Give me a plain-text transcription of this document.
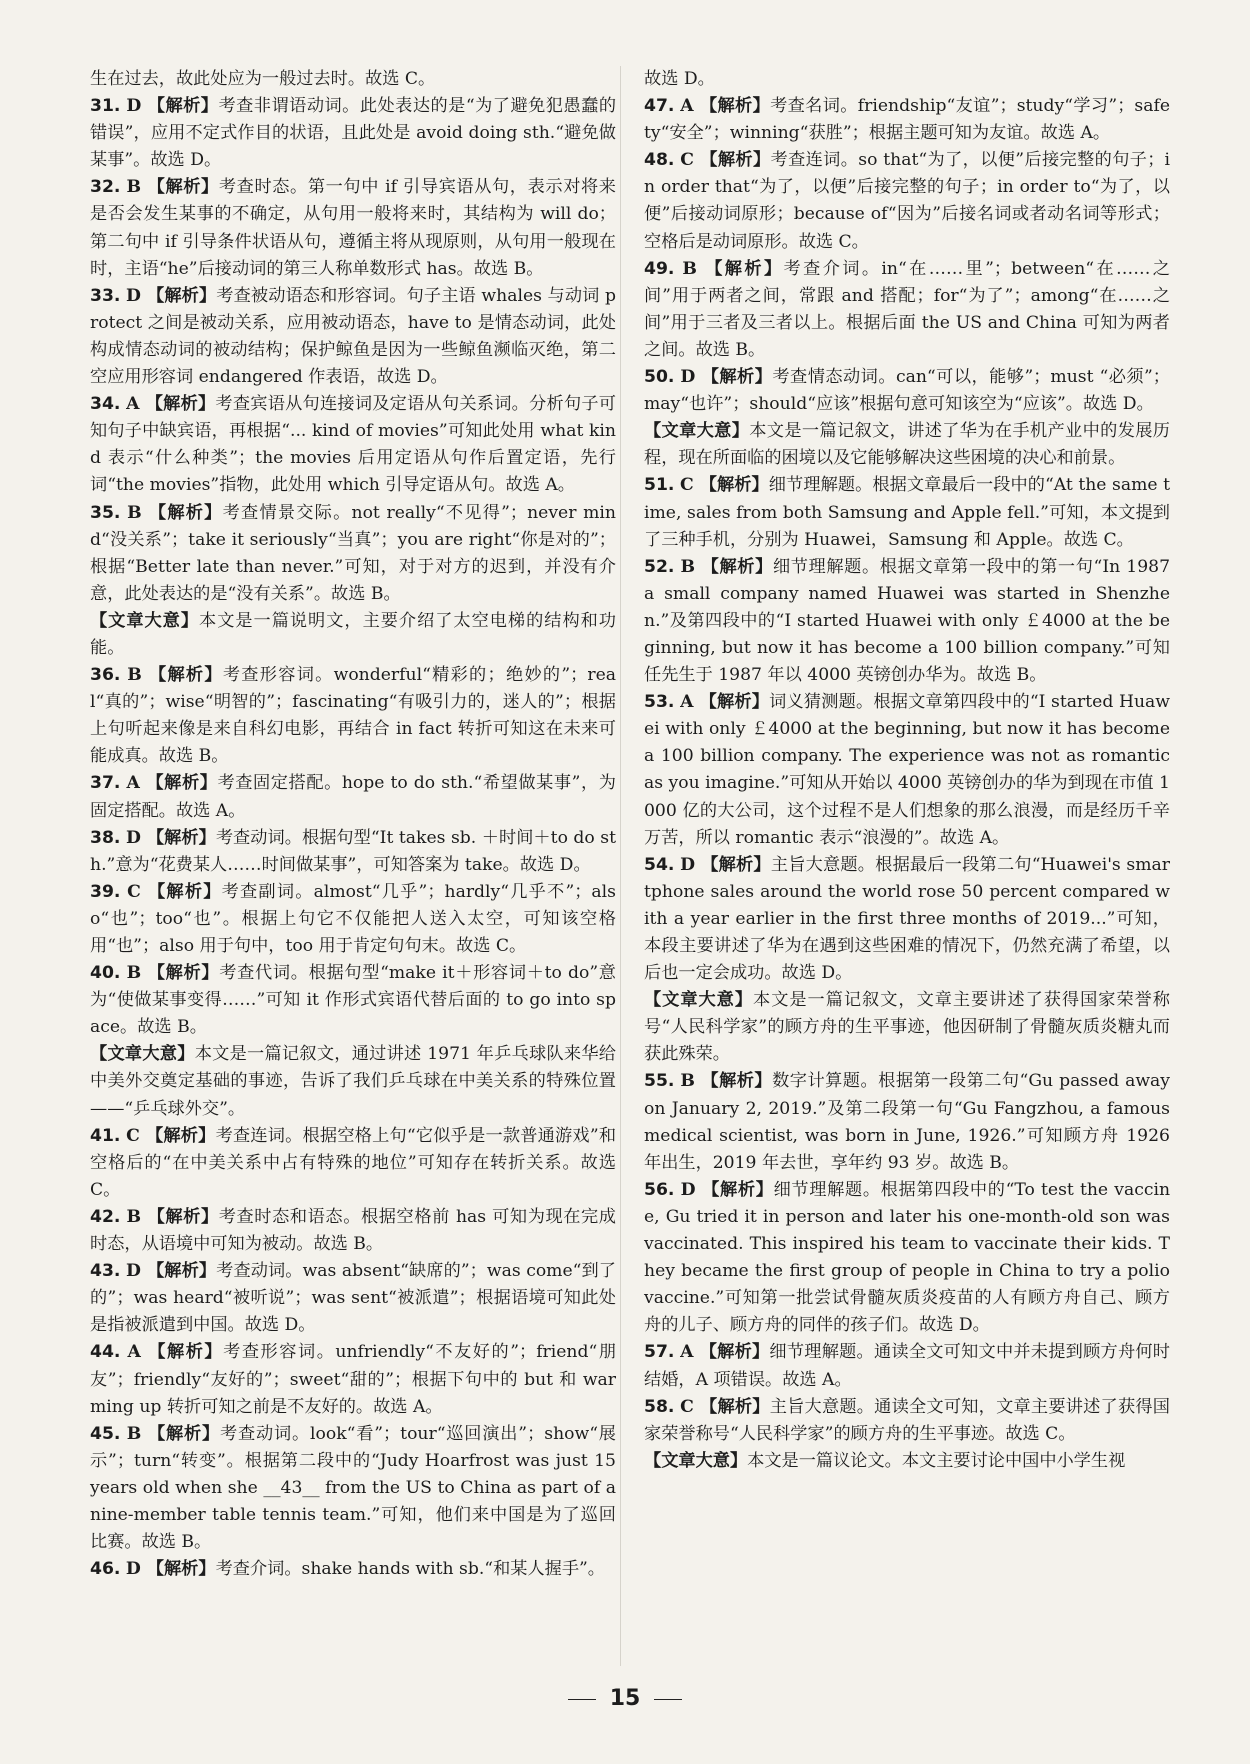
生在过去，故此处应为一般过去时。故选 C。

31. D 【解析】考查非谓语动词。此处表达的是“为了避免犯愚蠢的错误”，应用不定式作目的状语，且此处是 avoid doing sth.“避免做某事”。故选 D。

32. B 【解析】考查时态。第一句中 if 引导宾语从句，表示对将来是否会发生某事的不确定，从句用一般将来时，其结构为 will do；第二句中 if 引导条件状语从句，遵循主将从现原则，从句用一般现在时，主语“he”后接动词的第三人称单数形式 has。故选 B。

33. D 【解析】考查被动语态和形容词。句子主语 whales 与动词 protect 之间是被动关系，应用被动语态，have to 是情态动词，此处构成情态动词的被动结构；保护鲸鱼是因为一些鲸鱼濒临灭绝，第二空应用形容词 endangered 作表语，故选 D。

34. A 【解析】考查宾语从句连接词及定语从句关系词。分析句子可知句子中缺宾语，再根据“... kind of movies”可知此处用 what kind 表示“什么种类”；the movies 后用定语从句作后置定语，先行词“the movies”指物，此处用 which 引导定语从句。故选 A。

35. B 【解析】考查情景交际。not really“不见得”；never mind“没关系”；take it seriously“当真”；you are right“你是对的”；根据“Better late than never.”可知，对于对方的迟到，并没有介意，此处表达的是“没有关系”。故选 B。

【文章大意】本文是一篇说明文，主要介绍了太空电梯的结构和功能。

36. B 【解析】考查形容词。wonderful“精彩的；绝妙的”；real“真的”；wise“明智的”；fascinating“有吸引力的，迷人的”；根据上句听起来像是来自科幻电影，再结合 in fact 转折可知这在未来可能成真。故选 B。

37. A 【解析】考查固定搭配。hope to do sth.“希望做某事”，为固定搭配。故选 A。

38. D 【解析】考查动词。根据句型“It takes sb. ＋时间＋to do sth.”意为“花费某人……时间做某事”，可知答案为 take。故选 D。

39. C 【解析】考查副词。almost“几乎”；hardly“几乎不”；also“也”；too“也”。根据上句它不仅能把人送入太空，可知该空格用“也”；also 用于句中，too 用于肯定句句末。故选 C。

40. B 【解析】考查代词。根据句型“make it＋形容词＋to do”意为“使做某事变得……”可知 it 作形式宾语代替后面的 to go into space。故选 B。

【文章大意】本文是一篇记叙文，通过讲述 1971 年乒乓球队来华给中美外交奠定基础的事迹，告诉了我们乒乓球在中美关系的特殊位置——“乒乓球外交”。

41. C 【解析】考查连词。根据空格上句“它似乎是一款普通游戏”和空格后的“在中美关系中占有特殊的地位”可知存在转折关系。故选 C。

42. B 【解析】考查时态和语态。根据空格前 has 可知为现在完成时态，从语境中可知为被动。故选 B。

43. D 【解析】考查动词。was absent“缺席的”；was come“到了的”；was heard“被听说”；was sent“被派遣”；根据语境可知此处是指被派遣到中国。故选 D。

44. A 【解析】考查形容词。unfriendly“不友好的”；friend“朋友”；friendly“友好的”；sweet“甜的”；根据下句中的 but 和 warming up 转折可知之前是不友好的。故选 A。

45. B 【解析】考查动词。look“看”；tour“巡回演出”；show“展示”；turn“转变”。根据第二段中的“Judy Hoarfrost was just 15 years old when she __43__ from the US to China as part of a nine-member table tennis team.”可知，他们来中国是为了巡回比赛。故选 B。

46. D 【解析】考查介词。shake hands with sb.“和某人握手”。

故选 D。

47. A 【解析】考查名词。friendship“友谊”；study“学习”；safety“安全”；winning“获胜”；根据主题可知为友谊。故选 A。

48. C 【解析】考查连词。so that“为了，以便”后接完整的句子；in order that“为了，以便”后接完整的句子；in order to“为了，以便”后接动词原形；because of“因为”后接名词或者动名词等形式；空格后是动词原形。故选 C。

49. B 【解析】考查介词。in“在……里”；between“在……之间”用于两者之间，常跟 and 搭配；for“为了”；among“在……之间”用于三者及三者以上。根据后面 the US and China 可知为两者之间。故选 B。

50. D 【解析】考查情态动词。can“可以，能够”；must “必须”；may“也许”；should“应该”根据句意可知该空为“应该”。故选 D。

【文章大意】本文是一篇记叙文，讲述了华为在手机产业中的发展历程，现在所面临的困境以及它能够解决这些困境的决心和前景。

51. C 【解析】细节理解题。根据文章最后一段中的“At the same time, sales from both Samsung and Apple fell.”可知，本文提到了三种手机，分别为 Huawei，Samsung 和 Apple。故选 C。

52. B 【解析】细节理解题。根据文章第一段中的第一句“In 1987 a small company named Huawei was started in Shenzhen.”及第四段中的“I started Huawei with only ￡4000 at the beginning, but now it has become a 100 billion company.”可知任先生于 1987 年以 4000 英镑创办华为。故选 B。

53. A 【解析】词义猜测题。根据文章第四段中的“I started Huawei with only ￡4000 at the beginning, but now it has become a 100 billion company. The experience was not as romantic as you imagine.”可知从开始以 4000 英镑创办的华为到现在市值 1000 亿的大公司，这个过程不是人们想象的那么浪漫，而是经历千辛万苦，所以 romantic 表示“浪漫的”。故选 A。

54. D 【解析】主旨大意题。根据最后一段第二句“Huawei's smartphone sales around the world rose 50 percent compared with a year earlier in the first three months of 2019...”可知，本段主要讲述了华为在遇到这些困难的情况下，仍然充满了希望，以后也一定会成功。故选 D。

【文章大意】本文是一篇记叙文，文章主要讲述了获得国家荣誉称号“人民科学家”的顾方舟的生平事迹，他因研制了骨髓灰质炎糖丸而获此殊荣。

55. B 【解析】数字计算题。根据第一段第二句“Gu passed away on January 2, 2019.”及第二段第一句“Gu Fangzhou, a famous medical scientist, was born in June, 1926.”可知顾方舟 1926 年出生，2019 年去世，享年约 93 岁。故选 B。

56. D 【解析】细节理解题。根据第四段中的“To test the vaccine, Gu tried it in person and later his one-month-old son was vaccinated. This inspired his team to vaccinate their kids. They became the first group of people in China to try a polio vaccine.”可知第一批尝试骨髓灰质炎疫苗的人有顾方舟自己、顾方舟的儿子、顾方舟的同伴的孩子们。故选 D。

57. A 【解析】细节理解题。通读全文可知文中并未提到顾方舟何时结婚，A 项错误。故选 A。

58. C 【解析】主旨大意题。通读全文可知，文章主要讲述了获得国家荣誉称号“人民科学家”的顾方舟的生平事迹。故选 C。

【文章大意】本文是一篇议论文。本文主要讨论中国中小学生视

15
